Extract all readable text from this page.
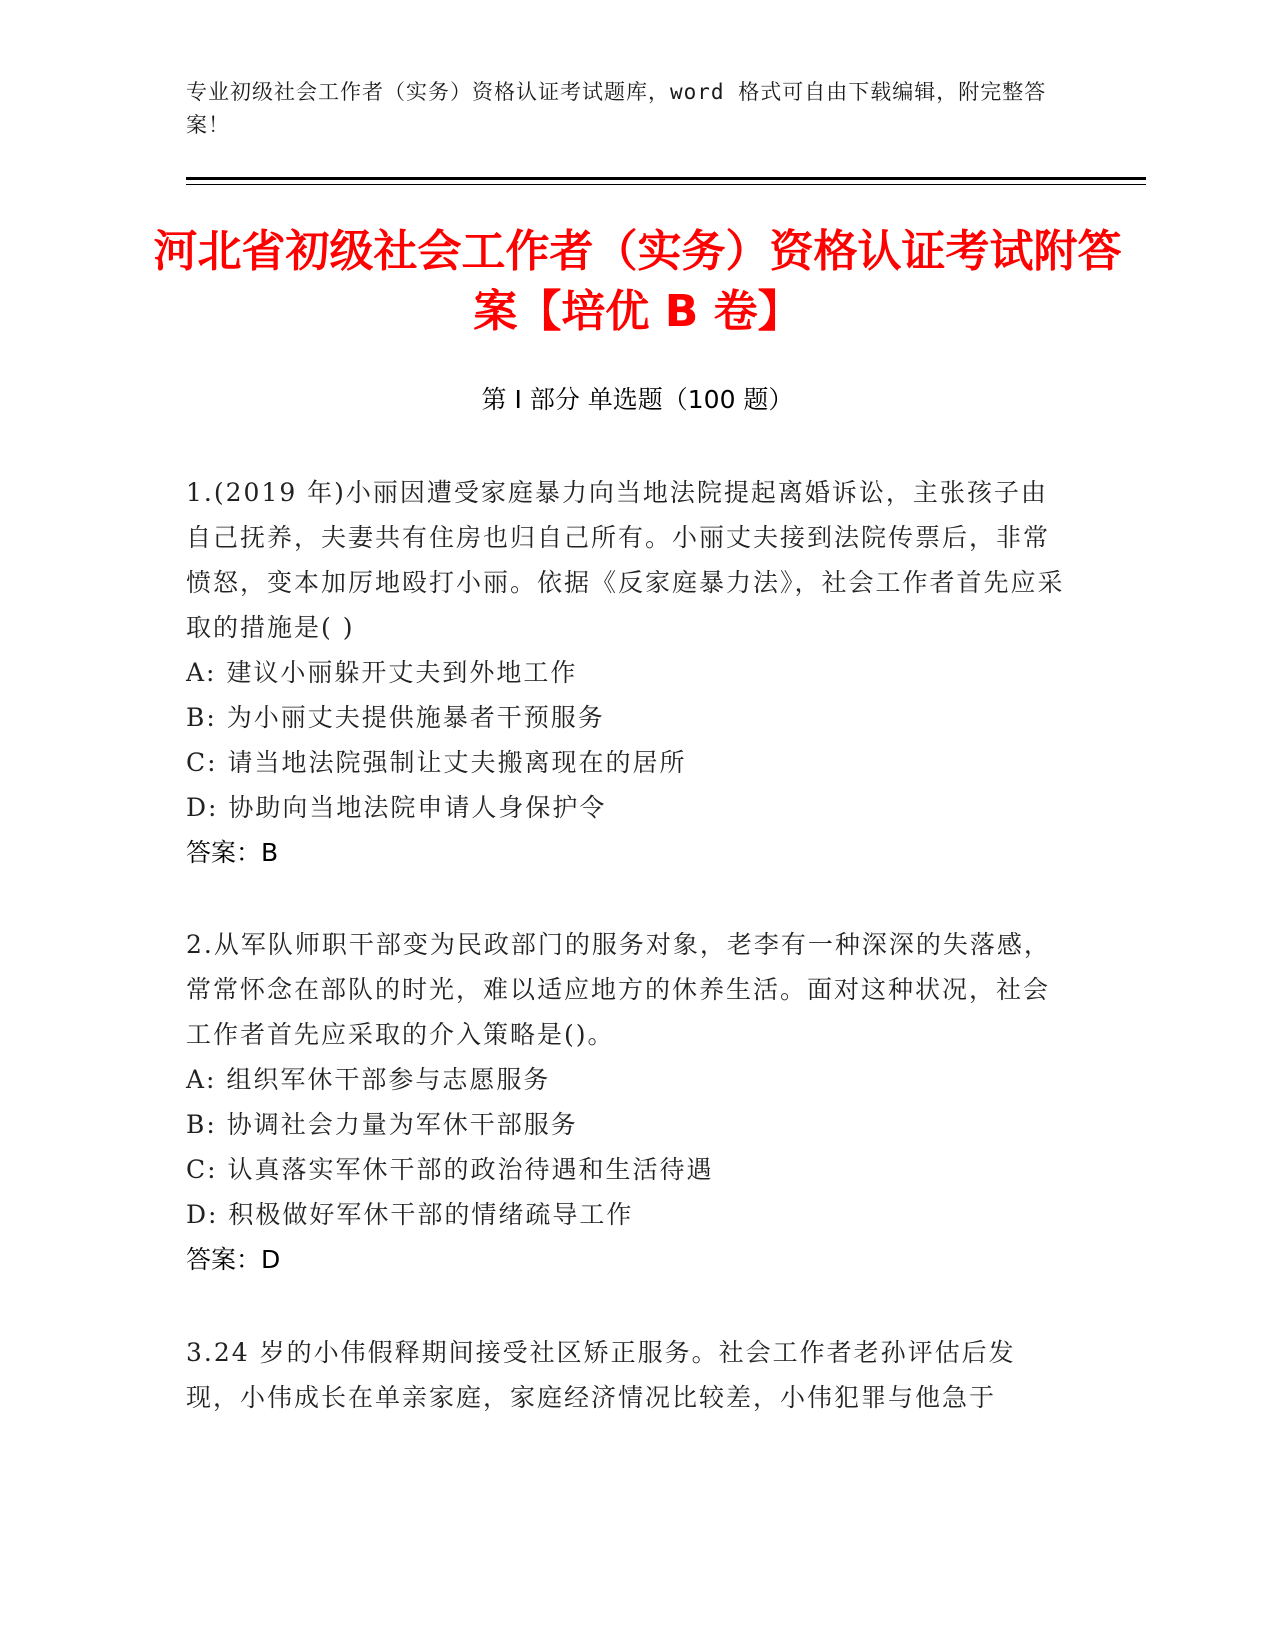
专业初级社会工作者（实务）资格认证考试题库，word 格式可自由下载编辑，附完整答案！
河北省初级社会工作者（实务）资格认证考试附答案【培优 B 卷】
第 I 部分 单选题（100 题）

1.(2019 年)小丽因遭受家庭暴力向当地法院提起离婚诉讼，主张孩子由自己抚养，夫妻共有住房也归自己所有。小丽丈夫接到法院传票后，非常愤怒，变本加厉地殴打小丽。依据《反家庭暴力法》，社会工作者首先应采取的措施是( )

A: 建议小丽躲开丈夫到外地工作

B: 为小丽丈夫提供施暴者干预服务

C: 请当地法院强制让丈夫搬离现在的居所

D: 协助向当地法院申请人身保护令

答案：B

2.从军队师职干部变为民政部门的服务对象，老李有一种深深的失落感，常常怀念在部队的时光，难以适应地方的休养生活。面对这种状况，社会工作者首先应采取的介入策略是()。

A: 组织军休干部参与志愿服务

B: 协调社会力量为军休干部服务

C: 认真落实军休干部的政治待遇和生活待遇

D: 积极做好军休干部的情绪疏导工作

答案：D

3.24 岁的小伟假释期间接受社区矫正服务。社会工作者老孙评估后发现，小伟成长在单亲家庭，家庭经济情况比较差，小伟犯罪与他急于
